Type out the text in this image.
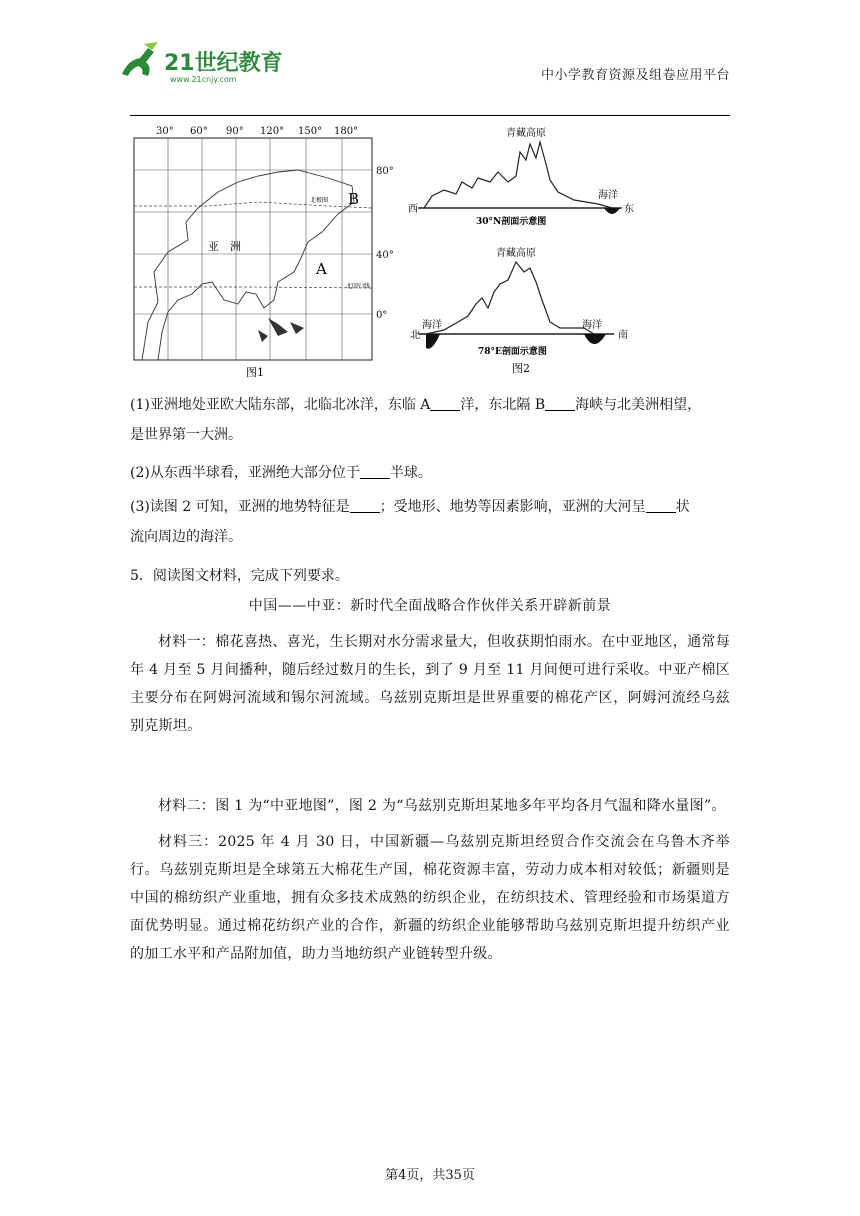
21世纪教育
www.21cnjy.com	中小学教育资源及组卷应用平台
30° 60° 90° 120° 150° 180°
80°
40°
0°
B
A
亚　洲
北极圈
北回归线
图1
青藏高原
西	东
海洋
30°N剖面示意图
青藏高原
北	南
海洋	海洋
78°E剖面示意图
图2
(1)亚洲地处亚欧大陆东部，北临北冰洋，东临 A 洋，东北隔 B 海峡与北美洲相望，
是世界第一大洲。
(2)从东西半球看，亚洲绝大部分位于 半球。
(3)读图 2 可知，亚洲的地势特征是 ；受地形、地势等因素影响，亚洲的大河呈 状
流向周边的海洋。
5．阅读图文材料，完成下列要求。
中国——中亚：新时代全面战略合作伙伴关系开辟新前景
材料一：棉花喜热、喜光，生长期对水分需求量大，但收获期怕雨水。在中亚地区，通常每年 4 月至 5 月间播种，随后经过数月的生长，到了 9 月至 11 月间便可进行采收。中亚产棉区主要分布在阿姆河流域和锡尔河流域。乌兹别克斯坦是世界重要的棉花产区，阿姆河流经乌兹别克斯坦。
材料二：图 1 为“中亚地图”，图 2 为“乌兹别克斯坦某地多年平均各月气温和降水量图”。
材料三：2025 年 4 月 30 日，中国新疆—乌兹别克斯坦经贸合作交流会在乌鲁木齐举行。乌兹别克斯坦是全球第五大棉花生产国，棉花资源丰富，劳动力成本相对较低；新疆则是中国的棉纺织产业重地，拥有众多技术成熟的纺织企业，在纺织技术、管理经验和市场渠道方面优势明显。通过棉花纺织产业的合作，新疆的纺织企业能够帮助乌兹别克斯坦提升纺织产业的加工水平和产品附加值，助力当地纺织产业链转型升级。
第4页，共35页
